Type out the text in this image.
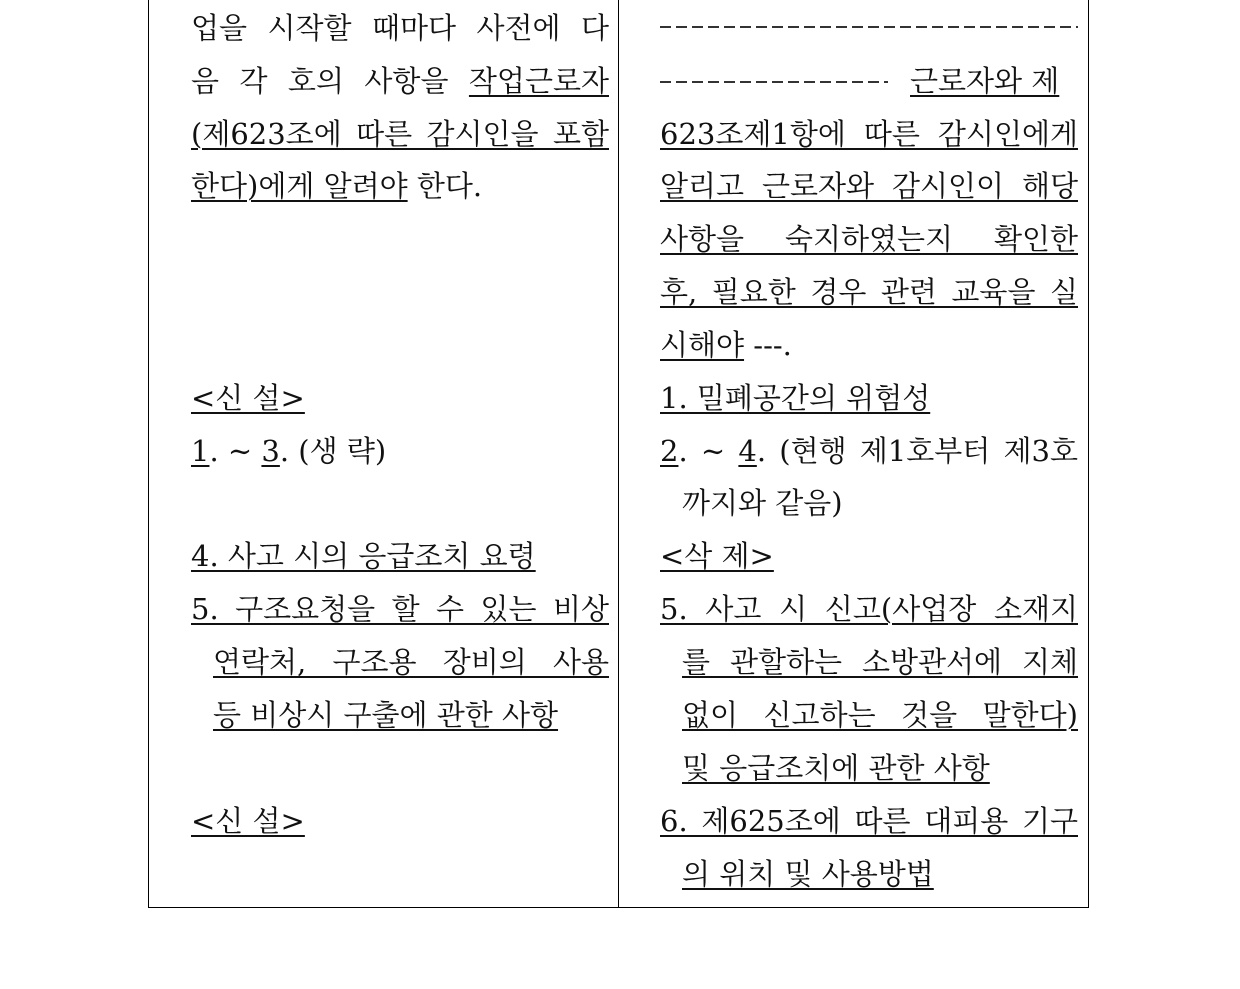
업을 시작할 때마다 사전에 다
음 각 호의 사항을 작업근로자
(제623조에 따른 감시인을 포함
한다)에게 알려야 한다.
<신 설>
1. ∼ 3. (생 략)
4. 사고 시의 응급조치 요령
5. 구조요청을 할 수 있는 비상
연락처, 구조용 장비의 사용
등 비상시 구출에 관한 사항
<신 설>
근로자와 제
623조제1항에 따른 감시인에게
알리고 근로자와 감시인이 해당
사항을 숙지하였는지 확인한
후, 필요한 경우 관련 교육을 실
시해야 ---.
1. 밀폐공간의 위험성
2. ∼ 4. (현행 제1호부터 제3호
까지와 같음)
<삭 제>
5. 사고 시 신고(사업장 소재지
를 관할하는 소방관서에 지체
없이 신고하는 것을 말한다)
및 응급조치에 관한 사항
6. 제625조에 따른 대피용 기구
의 위치 및 사용방법
